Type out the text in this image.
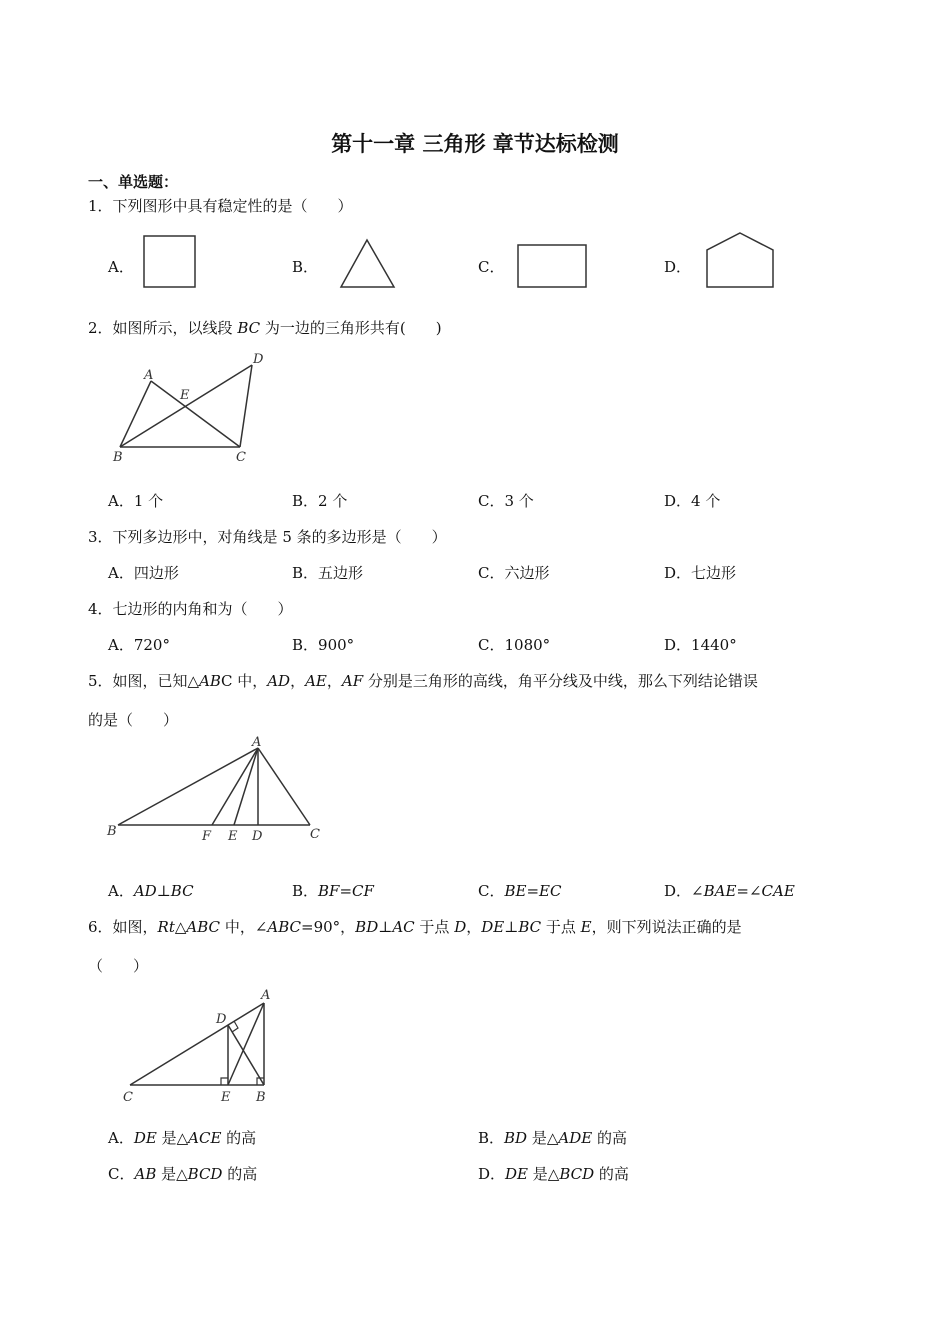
第十一章 三角形 章节达标检测
一、单选题：
1．下列图形中具有稳定性的是（　　）
A．	B．	C．	D．
2．如图所示，以线段 BC 为一边的三角形共有(　　)
A
D
E
B	C
A．1 个	B．2 个	C．3 个	D．4 个
3．下列多边形中，对角线是 5 条的多边形是（　　）
A．四边形	B．五边形	C．六边形	D．七边形
4．七边形的内角和为（　　）
A．720°	B．900°	C．1080°	D．1440°
5．如图，已知△ABC 中，AD，AE，AF 分别是三角形的高线，角平分线及中线，那么下列结论错误
的是（　　）
A
B	F E D	C
A．AD⊥BC	B．BF=CF	C．BE=EC	D．∠BAE=∠CAE
6．如图，Rt△ABC 中，∠ABC=90°，BD⊥AC 于点 D，DE⊥BC 于点 E，则下列说法正确的是
（　　）
A
D
C	E B
A．DE 是△ACE 的高	B．BD 是△ADE 的高
C．AB 是△BCD 的高	D．DE 是△BCD 的高
